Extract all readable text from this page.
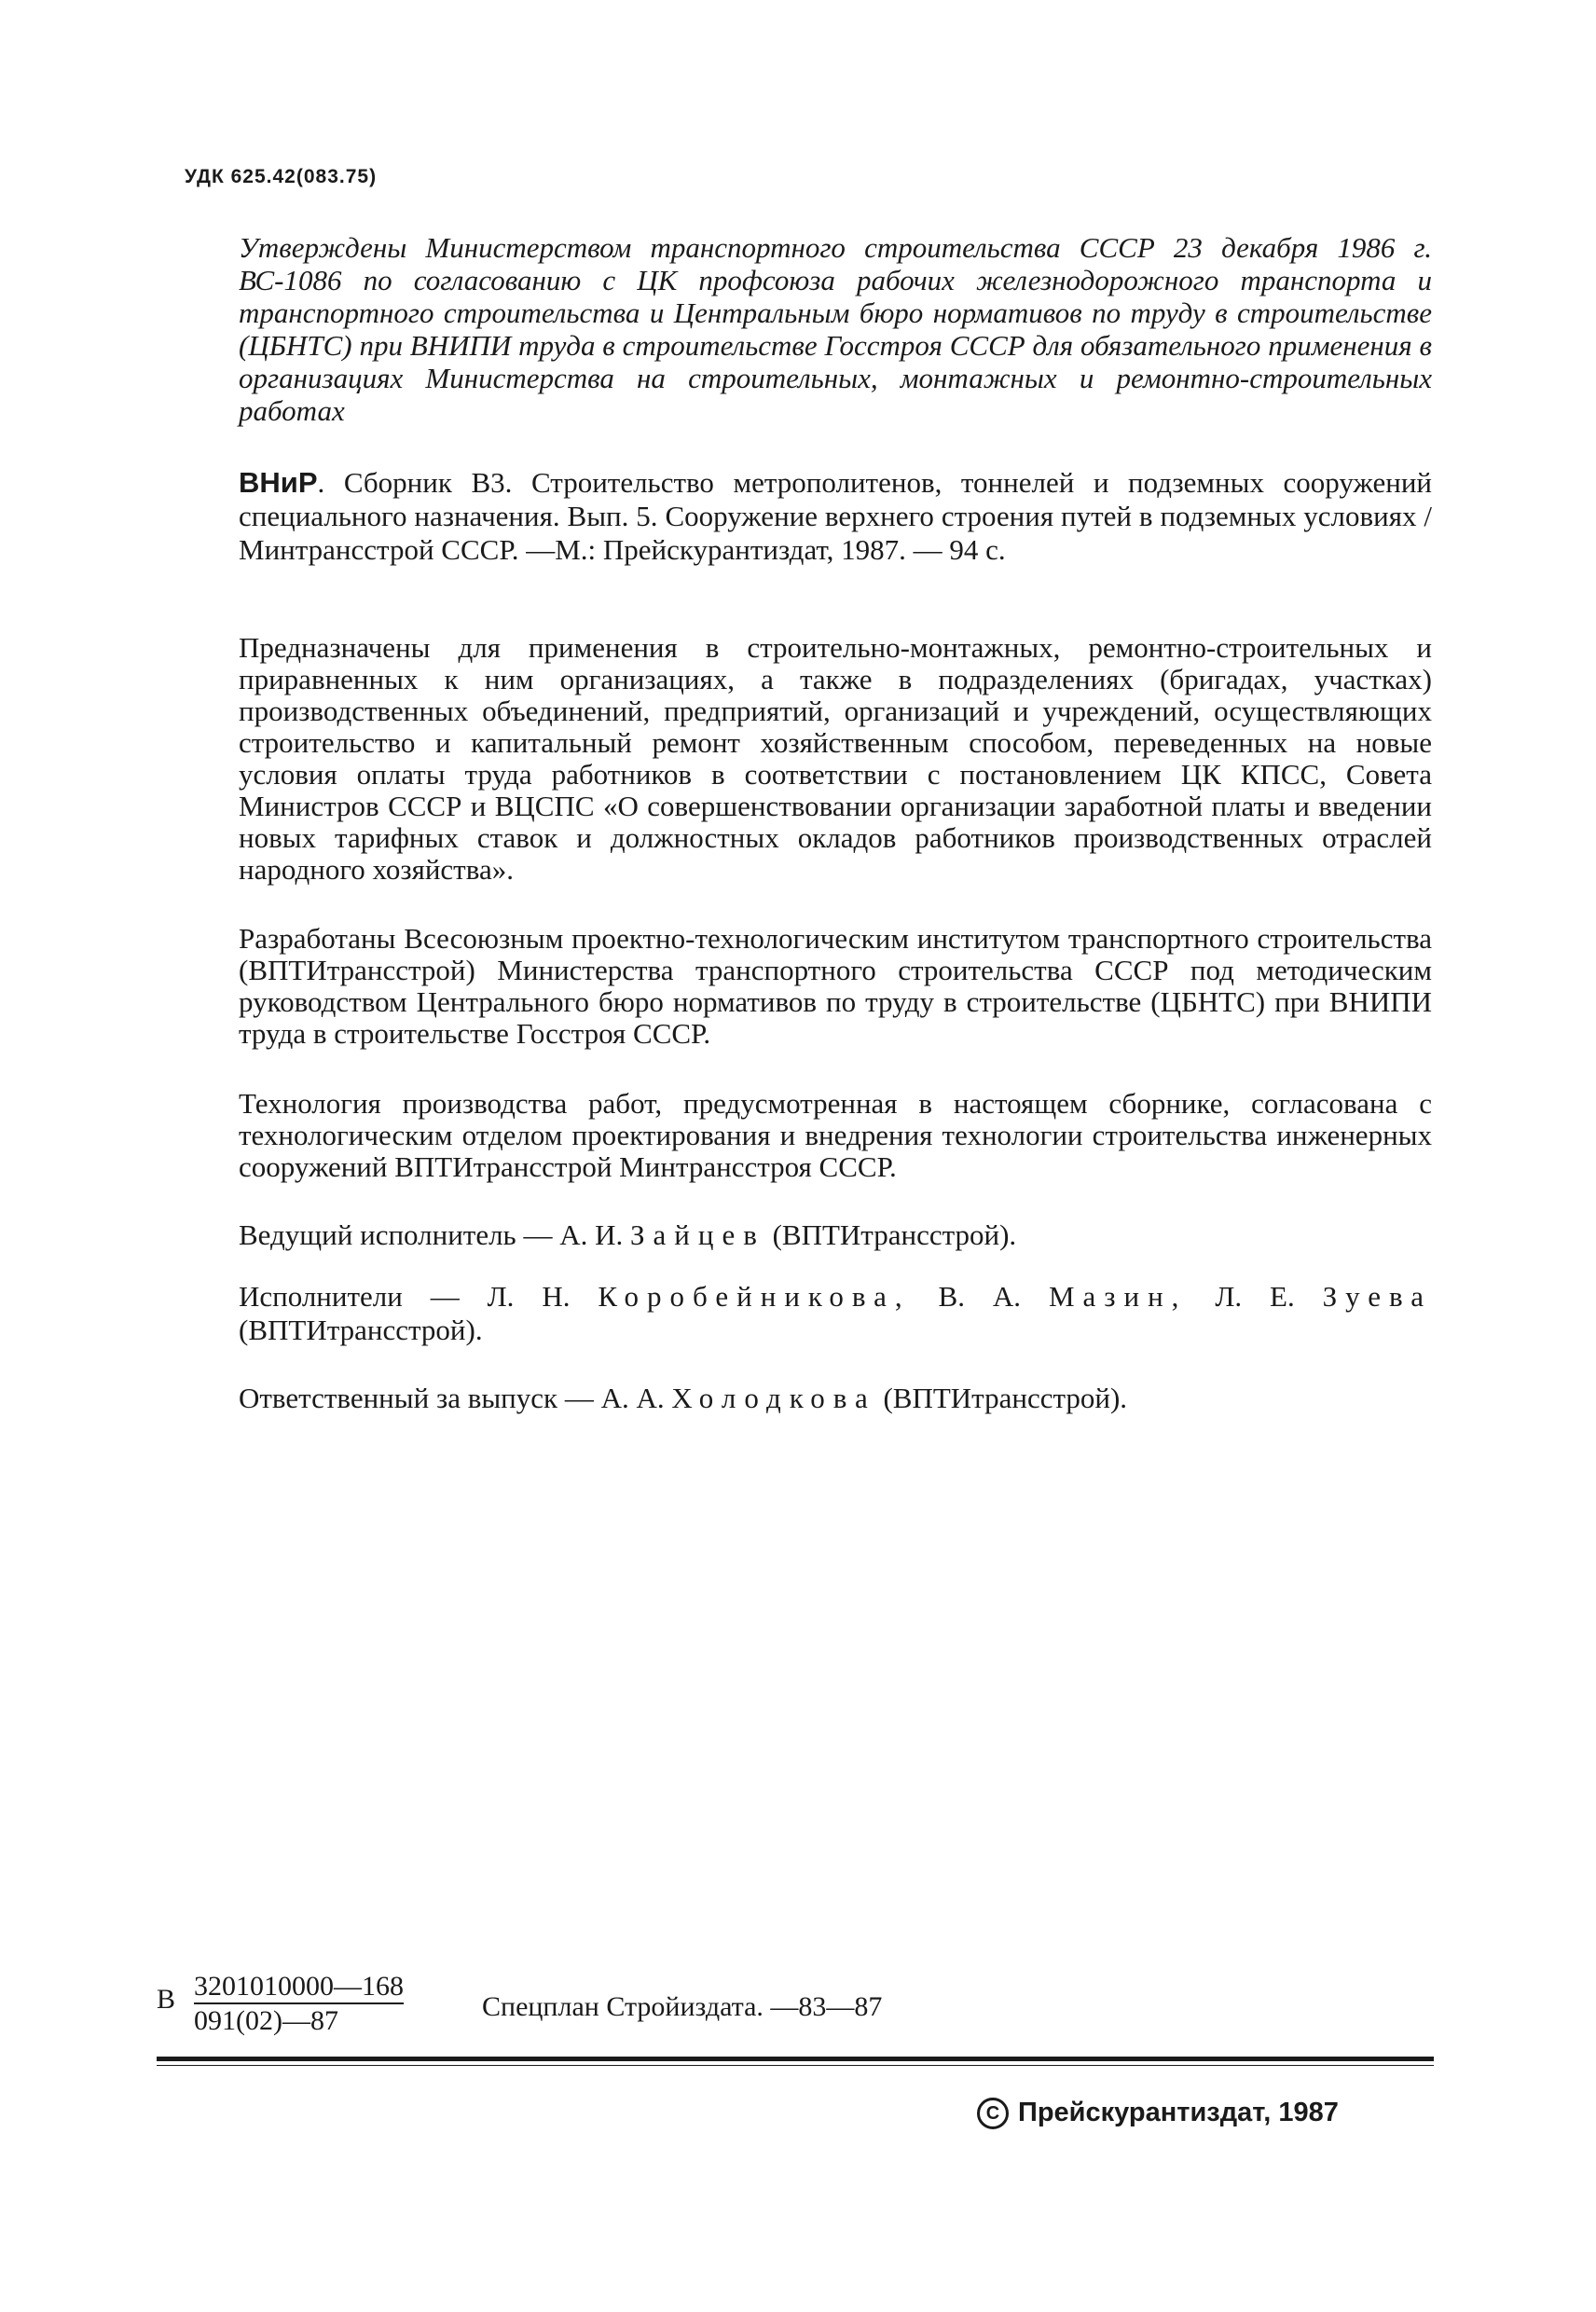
УДК 625.42(083.75)

Утверждены Министерством транспортного строительства СССР 23 декабря 1986 г. ВС-1086 по согласованию с ЦК профсоюза рабочих железнодорожного транспорта и транспортного строительства и Центральным бюро нормативов по труду в строительстве (ЦБНТС) при ВНИПИ труда в строительстве Госстроя СССР для обязательного применения в организациях Министерства на строительных, монтажных и ремонтно-строительных работах

ВНиР. Сборник В3. Строительство метрополитенов, тоннелей и подземных сооружений специального назначения. Вып. 5. Сооружение верхнего строения путей в подземных условиях /Минтрансстрой СССР. —М.: Прейскурантиздат, 1987. — 94 с.

Предназначены для применения в строительно-монтажных, ремонтно-строительных и приравненных к ним организациях, а также в подразделениях (бригадах, участках) производственных объединений, предприятий, организаций и учреждений, осуществляющих строительство и капитальный ремонт хозяйственным способом, переведенных на новые условия оплаты труда работников в соответствии с постановлением ЦК КПСС, Совета Министров СССР и ВЦСПС «О совершенствовании организации заработной платы и введении новых тарифных ставок и должностных окладов работников производственных отраслей народного хозяйства».

Разработаны Всесоюзным проектно-технологическим институтом транспортного строительства (ВПТИтрансстрой) Министерства транспортного строительства СССР под методическим руководством Центрального бюро нормативов по труду в строительстве (ЦБНТС) при ВНИПИ труда в строительстве Госстроя СССР.

Технология производства работ, предусмотренная в настоящем сборнике, согласована с технологическим отделом проектирования и внедрения технологии строительства инженерных сооружений ВПТИтрансстрой Минтрансстроя СССР.

Ведущий исполнитель — А. И. Зайцев (ВПТИтрансстрой).
Исполнители — Л. Н. Коробейникова, В. А. Мазин, Л. Е. Зуева (ВПТИтрансстрой).
Ответственный за выпуск — А. А. Холодкова (ВПТИтрансстрой).
В $\frac{3201010000—168}{091(02)—87}$	Спецплан Стройиздата. —83—87
C Прейскурантиздат, 1987
